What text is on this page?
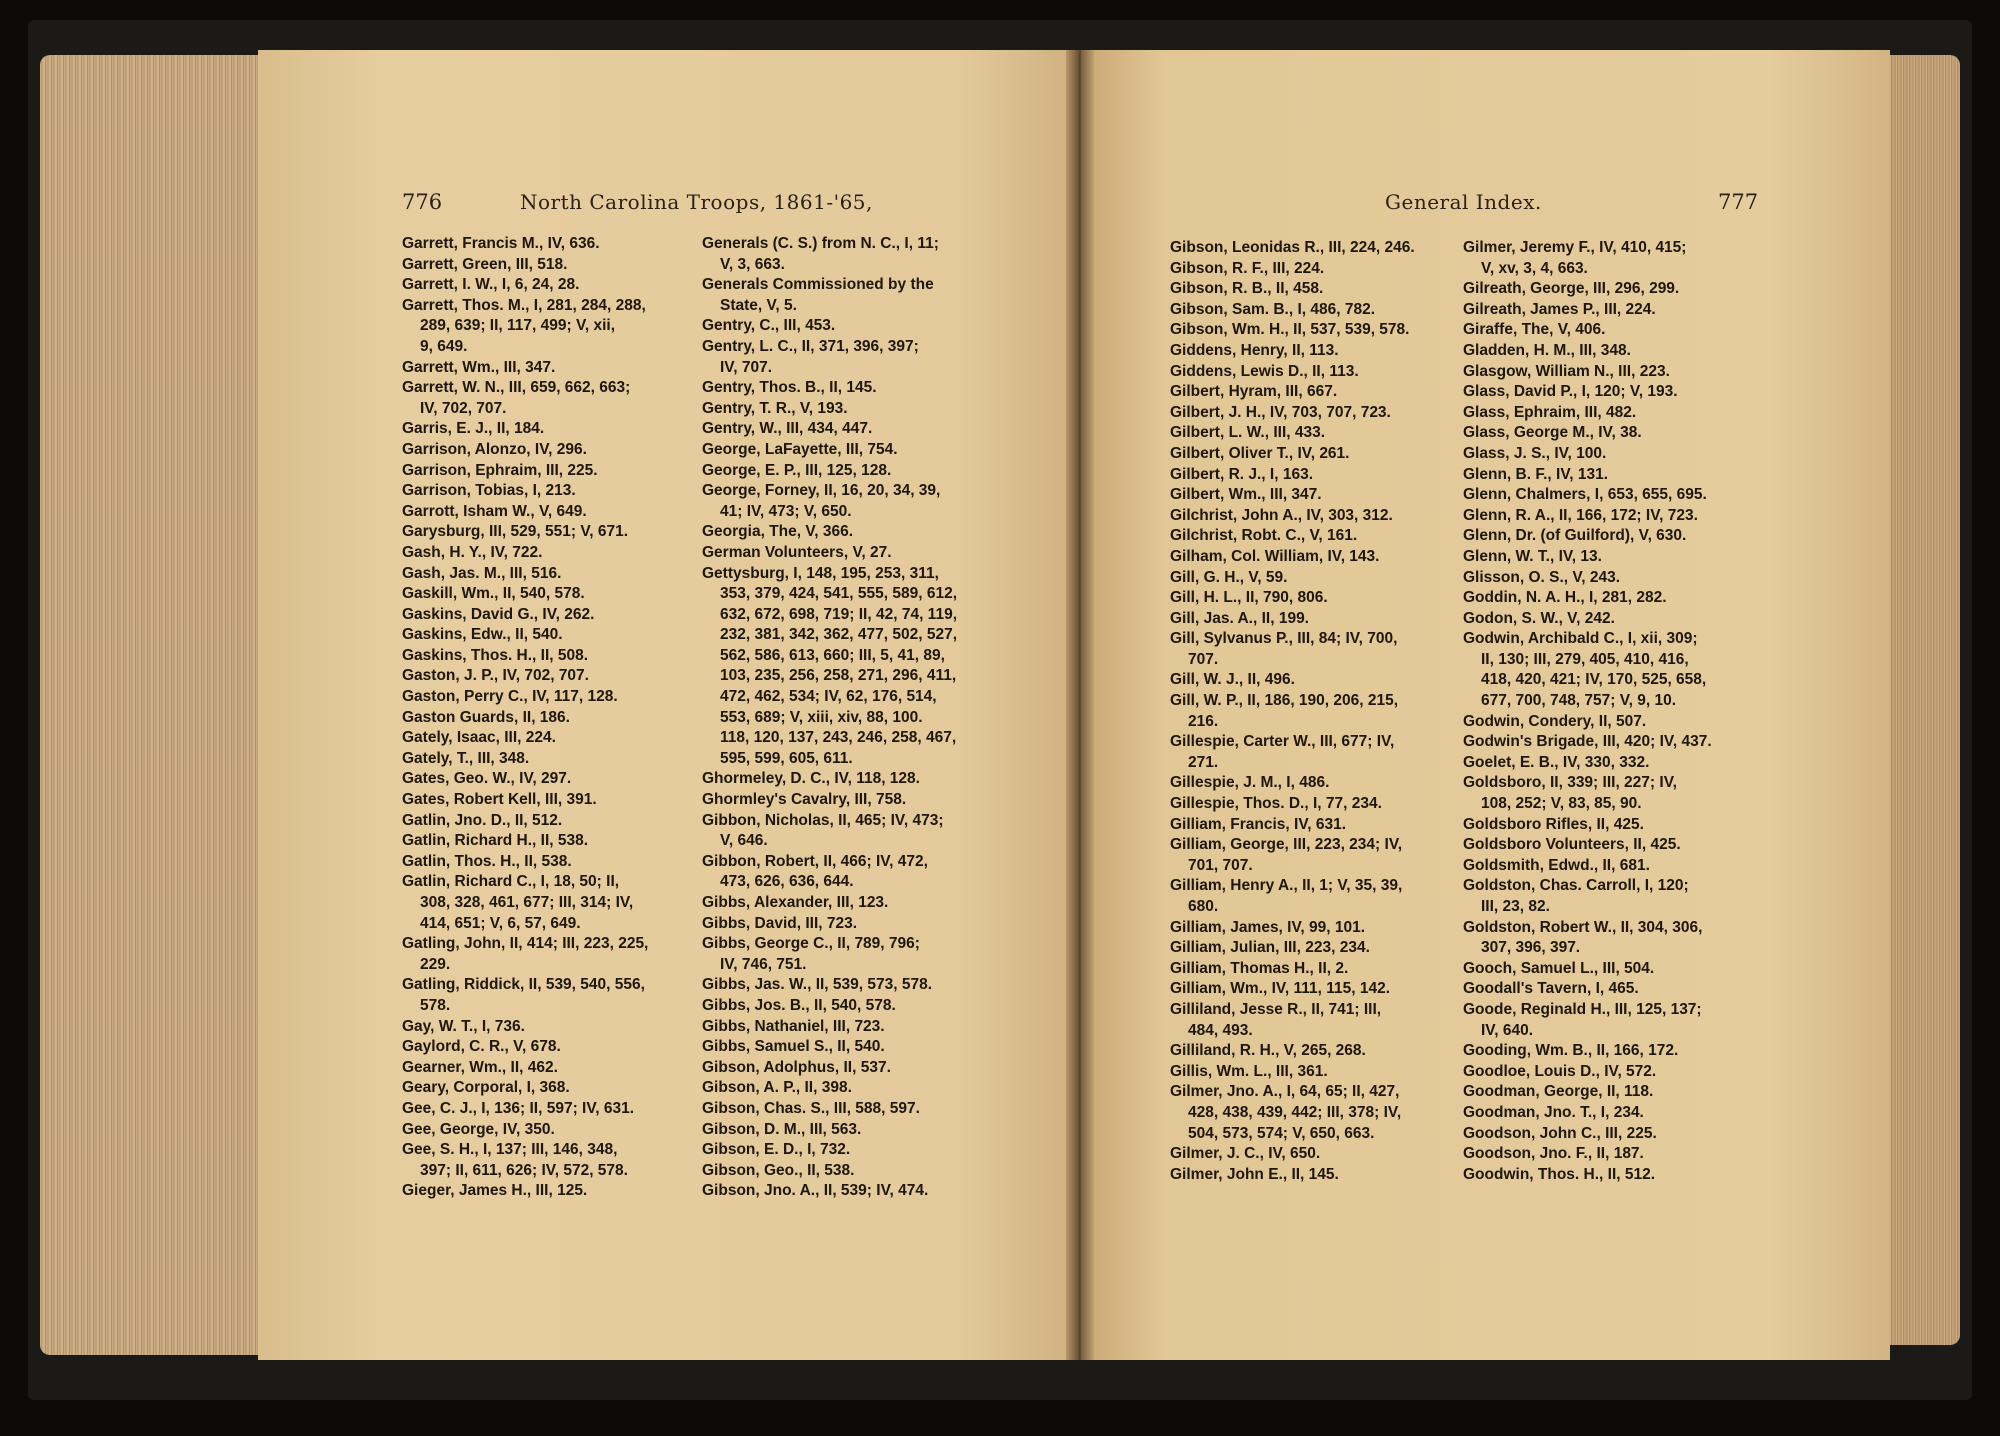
776	North Carolina Troops, 1861-'65,	General Index.	777
Garrett, Francis M., IV, 636.
Garrett, Green, III, 518.
Garrett, I. W., I, 6, 24, 28.
Garrett, Thos. M., I, 281, 284, 288,
289, 639; II, 117, 499; V, xii,
9, 649.
Garrett, Wm., III, 347.
Garrett, W. N., III, 659, 662, 663;
IV, 702, 707.
Garris, E. J., II, 184.
Garrison, Alonzo, IV, 296.
Garrison, Ephraim, III, 225.
Garrison, Tobias, I, 213.
Garrott, Isham W., V, 649.
Garysburg, III, 529, 551; V, 671.
Gash, H. Y., IV, 722.
Gash, Jas. M., III, 516.
Gaskill, Wm., II, 540, 578.
Gaskins, David G., IV, 262.
Gaskins, Edw., II, 540.
Gaskins, Thos. H., II, 508.
Gaston, J. P., IV, 702, 707.
Gaston, Perry C., IV, 117, 128.
Gaston Guards, II, 186.
Gately, Isaac, III, 224.
Gately, T., III, 348.
Gates, Geo. W., IV, 297.
Gates, Robert Kell, III, 391.
Gatlin, Jno. D., II, 512.
Gatlin, Richard H., II, 538.
Gatlin, Thos. H., II, 538.
Gatlin, Richard C., I, 18, 50; II,
308, 328, 461, 677; III, 314; IV,
414, 651; V, 6, 57, 649.
Gatling, John, II, 414; III, 223, 225,
229.
Gatling, Riddick, II, 539, 540, 556,
578.
Gay, W. T., I, 736.
Gaylord, C. R., V, 678.
Gearner, Wm., II, 462.
Geary, Corporal, I, 368.
Gee, C. J., I, 136; II, 597; IV, 631.
Gee, George, IV, 350.
Gee, S. H., I, 137; III, 146, 348,
397; II, 611, 626; IV, 572, 578.
Gieger, James H., III, 125.
Generals (C. S.) from N. C., I, 11;
V, 3, 663.
Generals Commissioned by the
State, V, 5.
Gentry, C., III, 453.
Gentry, L. C., II, 371, 396, 397;
IV, 707.
Gentry, Thos. B., II, 145.
Gentry, T. R., V, 193.
Gentry, W., III, 434, 447.
George, LaFayette, III, 754.
George, E. P., III, 125, 128.
George, Forney, II, 16, 20, 34, 39,
41; IV, 473; V, 650.
Georgia, The, V, 366.
German Volunteers, V, 27.
Gettysburg, I, 148, 195, 253, 311,
353, 379, 424, 541, 555, 589, 612,
632, 672, 698, 719; II, 42, 74, 119,
232, 381, 342, 362, 477, 502, 527,
562, 586, 613, 660; III, 5, 41, 89,
103, 235, 256, 258, 271, 296, 411,
472, 462, 534; IV, 62, 176, 514,
553, 689; V, xiii, xiv, 88, 100.
118, 120, 137, 243, 246, 258, 467,
595, 599, 605, 611.
Ghormeley, D. C., IV, 118, 128.
Ghormley's Cavalry, III, 758.
Gibbon, Nicholas, II, 465; IV, 473;
V, 646.
Gibbon, Robert, II, 466; IV, 472,
473, 626, 636, 644.
Gibbs, Alexander, III, 123.
Gibbs, David, III, 723.
Gibbs, George C., II, 789, 796;
IV, 746, 751.
Gibbs, Jas. W., II, 539, 573, 578.
Gibbs, Jos. B., II, 540, 578.
Gibbs, Nathaniel, III, 723.
Gibbs, Samuel S., II, 540.
Gibson, Adolphus, II, 537.
Gibson, A. P., II, 398.
Gibson, Chas. S., III, 588, 597.
Gibson, D. M., III, 563.
Gibson, E. D., I, 732.
Gibson, Geo., II, 538.
Gibson, Jno. A., II, 539; IV, 474.
Gibson, Leonidas R., III, 224, 246.
Gibson, R. F., III, 224.
Gibson, R. B., II, 458.
Gibson, Sam. B., I, 486, 782.
Gibson, Wm. H., II, 537, 539, 578.
Giddens, Henry, II, 113.
Giddens, Lewis D., II, 113.
Gilbert, Hyram, III, 667.
Gilbert, J. H., IV, 703, 707, 723.
Gilbert, L. W., III, 433.
Gilbert, Oliver T., IV, 261.
Gilbert, R. J., I, 163.
Gilbert, Wm., III, 347.
Gilchrist, John A., IV, 303, 312.
Gilchrist, Robt. C., V, 161.
Gilham, Col. William, IV, 143.
Gill, G. H., V, 59.
Gill, H. L., II, 790, 806.
Gill, Jas. A., II, 199.
Gill, Sylvanus P., III, 84; IV, 700,
707.
Gill, W. J., II, 496.
Gill, W. P., II, 186, 190, 206, 215,
216.
Gillespie, Carter W., III, 677; IV,
271.
Gillespie, J. M., I, 486.
Gillespie, Thos. D., I, 77, 234.
Gilliam, Francis, IV, 631.
Gilliam, George, III, 223, 234; IV,
701, 707.
Gilliam, Henry A., II, 1; V, 35, 39,
680.
Gilliam, James, IV, 99, 101.
Gilliam, Julian, III, 223, 234.
Gilliam, Thomas H., II, 2.
Gilliam, Wm., IV, 111, 115, 142.
Gilliland, Jesse R., II, 741; III,
484, 493.
Gilliland, R. H., V, 265, 268.
Gillis, Wm. L., III, 361.
Gilmer, Jno. A., I, 64, 65; II, 427,
428, 438, 439, 442; III, 378; IV,
504, 573, 574; V, 650, 663.
Gilmer, J. C., IV, 650.
Gilmer, John E., II, 145.
Gilmer, Jeremy F., IV, 410, 415;
V, xv, 3, 4, 663.
Gilreath, George, III, 296, 299.
Gilreath, James P., III, 224.
Giraffe, The, V, 406.
Gladden, H. M., III, 348.
Glasgow, William N., III, 223.
Glass, David P., I, 120; V, 193.
Glass, Ephraim, III, 482.
Glass, George M., IV, 38.
Glass, J. S., IV, 100.
Glenn, B. F., IV, 131.
Glenn, Chalmers, I, 653, 655, 695.
Glenn, R. A., II, 166, 172; IV, 723.
Glenn, Dr. (of Guilford), V, 630.
Glenn, W. T., IV, 13.
Glisson, O. S., V, 243.
Goddin, N. A. H., I, 281, 282.
Godon, S. W., V, 242.
Godwin, Archibald C., I, xii, 309;
II, 130; III, 279, 405, 410, 416,
418, 420, 421; IV, 170, 525, 658,
677, 700, 748, 757; V, 9, 10.
Godwin, Condery, II, 507.
Godwin's Brigade, III, 420; IV, 437.
Goelet, E. B., IV, 330, 332.
Goldsboro, II, 339; III, 227; IV,
108, 252; V, 83, 85, 90.
Goldsboro Rifles, II, 425.
Goldsboro Volunteers, II, 425.
Goldsmith, Edwd., II, 681.
Goldston, Chas. Carroll, I, 120;
III, 23, 82.
Goldston, Robert W., II, 304, 306,
307, 396, 397.
Gooch, Samuel L., III, 504.
Goodall's Tavern, I, 465.
Goode, Reginald H., III, 125, 137;
IV, 640.
Gooding, Wm. B., II, 166, 172.
Goodloe, Louis D., IV, 572.
Goodman, George, II, 118.
Goodman, Jno. T., I, 234.
Goodson, John C., III, 225.
Goodson, Jno. F., II, 187.
Goodwin, Thos. H., II, 512.
